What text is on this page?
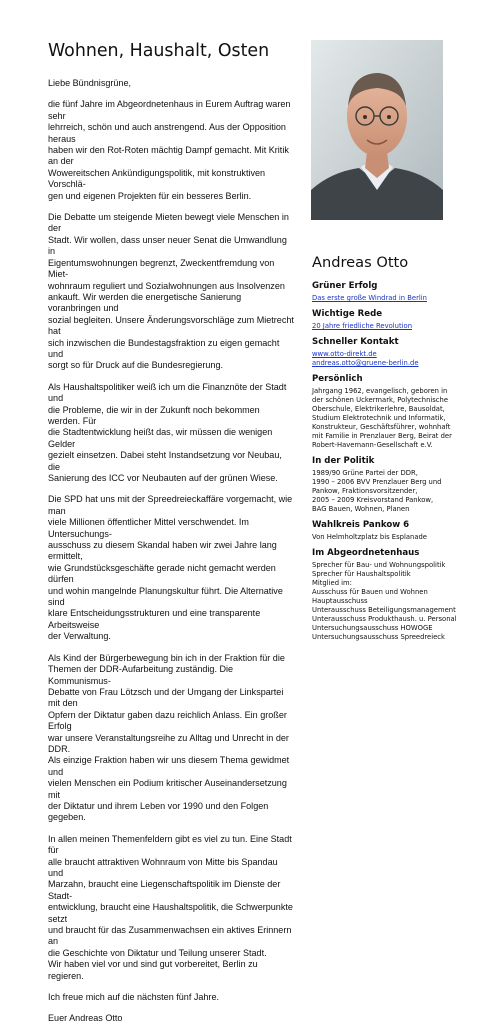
Wohnen, Haushalt, Osten

Liebe Bündnisgrüne,

die fünf Jahre im Abgeordnetenhaus in Eurem Auftrag waren sehr
lehrreich, schön und auch anstrengend. Aus der Opposition heraus
haben wir den Rot-Roten mächtig Dampf gemacht. Mit Kritik an der
Wowereitschen Ankündigungspolitik, mit konstruktiven Vorschlä-
gen und eigenen Projekten für ein besseres Berlin.

Die Debatte um steigende Mieten bewegt viele Menschen in der
Stadt. Wir wollen, dass unser neuer Senat die Umwandlung in
Eigentumswohnungen begrenzt, Zweckentfremdung von Miet-
wohnraum reguliert und Sozialwohnungen aus Insolvenzen
ankauft. Wir werden die energetische Sanierung voranbringen und
sozial begleiten. Unsere Änderungsvorschläge zum Mietrecht hat
sich inzwischen die Bundestagsfraktion zu eigen gemacht und
sorgt so für Druck auf die Bundesregierung.

Als Haushaltspolitiker weiß ich um die Finanznöte der Stadt und
die Probleme, die wir in der Zukunft noch bekommen werden. Für
die Stadtentwicklung heißt das, wir müssen die wenigen Gelder
gezielt einsetzen. Dabei steht Instandsetzung vor Neubau, die
Sanierung des ICC vor Neubauten auf der grünen Wiese.

Die SPD hat uns mit der Spreedreieckaffäre vorgemacht, wie man
viele Millionen öffentlicher Mittel verschwendet. Im Untersuchungs-
ausschuss zu diesem Skandal haben wir zwei Jahre lang ermittelt,
wie Grundstücksgeschäfte gerade nicht gemacht werden dürfen
und wohin mangelnde Planungskultur führt. Die Alternative sind
klare Entscheidungsstrukturen und eine transparente Arbeitsweise
der Verwaltung.

Als Kind der Bürgerbewegung bin ich in der Fraktion für die
Themen der DDR-Aufarbeitung zuständig. Die Kommunismus-
Debatte von Frau Lötzsch und der Umgang der Linkspartei mit den
Opfern der Diktatur gaben dazu reichlich Anlass. Ein großer Erfolg
war unsere Veranstaltungsreihe zu Alltag und Unrecht in der DDR.
Als einzige Fraktion haben wir uns diesem Thema gewidmet und
vielen Menschen ein Podium kritischer Auseinandersetzung mit
der Diktatur und ihrem Leben vor 1990 und den Folgen gegeben.

In allen meinen Themenfeldern gibt es viel zu tun. Eine Stadt für
alle braucht attraktiven Wohnraum von Mitte bis Spandau und
Marzahn, braucht eine Liegenschaftspolitik im Dienste der Stadt-
entwicklung, braucht eine Haushaltspolitik, die Schwerpunkte setzt
und braucht für das Zusammenwachsen ein aktives Erinnern an
die Geschichte von Diktatur und Teilung unserer Stadt.
Wir haben viel vor und sind gut vorbereitet, Berlin zu regieren.

Ich freue mich auf die nächsten fünf Jahre.

Euer Andreas Otto

Andreas Otto
Grüner Erfolg
Das erste große Windrad in Berlin
Wichtige Rede
20 Jahre friedliche Revolution
Schneller Kontakt
www.otto-direkt.de
andreas.otto@gruene-berlin.de
Persönlich
Jahrgang 1962, evangelisch, geboren in
der schönen Uckermark, Polytechnische
Oberschule, Elektrikerlehre, Bausoldat,
Studium Elektrotechnik und Informatik,
Konstrukteur, Geschäftsführer, wohnhaft
mit Familie in Prenzlauer Berg, Beirat der
Robert-Havemann-Gesellschaft e.V.
In der Politik
1989/90 Grüne Partei der DDR,
1990 – 2006 BVV Prenzlauer Berg und
Pankow, Fraktionsvorsitzender,
2005 – 2009 Kreisvorstand Pankow,
BAG Bauen, Wohnen, Planen
Wahlkreis Pankow 6
Von Helmholtzplatz bis Esplanade
Im Abgeordnetenhaus
Sprecher für Bau- und Wohnungspolitik
Sprecher für Haushaltspolitik
Mitglied im:
Ausschuss für Bauen und Wohnen
Hauptausschuss
Unterausschuss Beteiligungsmanagement
Unterausschuss Produkthaush. u. Personal
Untersuchungsausschuss HOWOGE
Untersuchungsausschuss Spreedreieck
